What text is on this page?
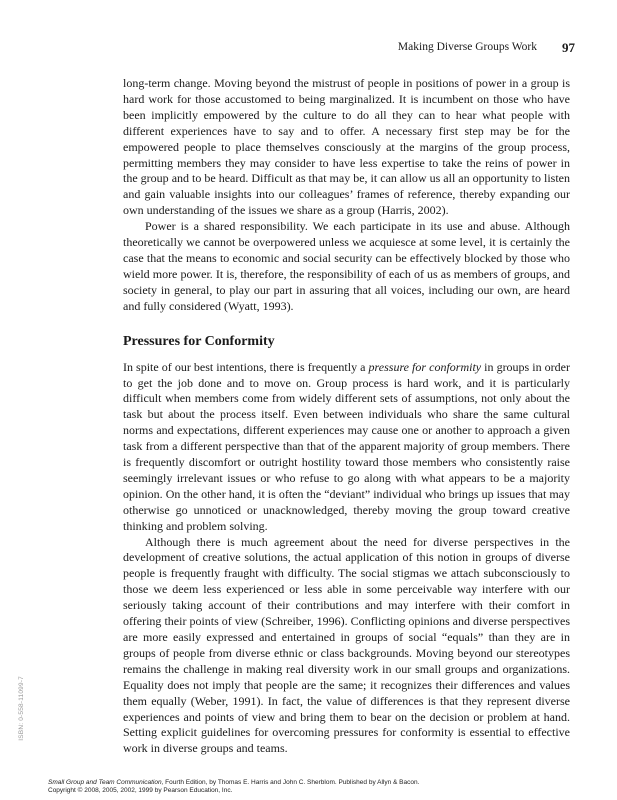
Making Diverse Groups Work 97

long-term change. Moving beyond the mistrust of people in positions of power in a group is hard work for those accustomed to being marginalized. It is incumbent on those who have been implicitly empowered by the culture to do all they can to hear what people with different experiences have to say and to offer. A necessary first step may be for the empowered people to place themselves consciously at the margins of the group process, permitting members they may consider to have less expertise to take the reins of power in the group and to be heard. Difficult as that may be, it can allow us all an opportunity to listen and gain valuable insights into our colleagues’ frames of reference, thereby expanding our own understanding of the issues we share as a group (Harris, 2002).

Power is a shared responsibility. We each participate in its use and abuse. Although theoretically we cannot be overpowered unless we acquiesce at some level, it is certainly the case that the means to economic and social security can be effectively blocked by those who wield more power. It is, therefore, the responsibility of each of us as members of groups, and society in general, to play our part in assuring that all voices, including our own, are heard and fully considered (Wyatt, 1993).

Pressures for Conformity

In spite of our best intentions, there is frequently a pressure for conformity in groups in order to get the job done and to move on. Group process is hard work, and it is particularly difficult when members come from widely different sets of assumptions, not only about the task but about the process itself. Even between individuals who share the same cultural norms and expectations, different experiences may cause one or another to approach a given task from a different perspective than that of the apparent majority of group members. There is frequently discomfort or outright hostility toward those members who consistently raise seemingly irrelevant issues or who refuse to go along with what appears to be a majority opinion. On the other hand, it is often the “deviant” individual who brings up issues that may otherwise go unnoticed or unacknowledged, thereby moving the group toward creative thinking and problem solving.

Although there is much agreement about the need for diverse perspectives in the development of creative solutions, the actual application of this notion in groups of diverse people is frequently fraught with difficulty. The social stigmas we attach subconsciously to those we deem less experienced or less able in some perceivable way interfere with our seriously taking account of their contributions and may interfere with their comfort in offering their points of view (Schreiber, 1996). Conflicting opinions and diverse perspectives are more easily expressed and entertained in groups of social “equals” than they are in groups of people from diverse ethnic or class backgrounds. Moving beyond our stereotypes remains the challenge in making real diversity work in our small groups and organizations. Equality does not imply that people are the same; it recognizes their differences and values them equally (Weber, 1991). In fact, the value of differences is that they represent diverse experiences and points of view and bring them to bear on the decision or problem at hand. Setting explicit guidelines for overcoming pressures for conformity is essential to effective work in diverse groups and teams.

ISBN: 0-558-11099-7
Small Group and Team Communication, Fourth Edition, by Thomas E. Harris and John C. Sherblom. Published by Allyn & Bacon.
Copyright © 2008, 2005, 2002, 1999 by Pearson Education, Inc.
